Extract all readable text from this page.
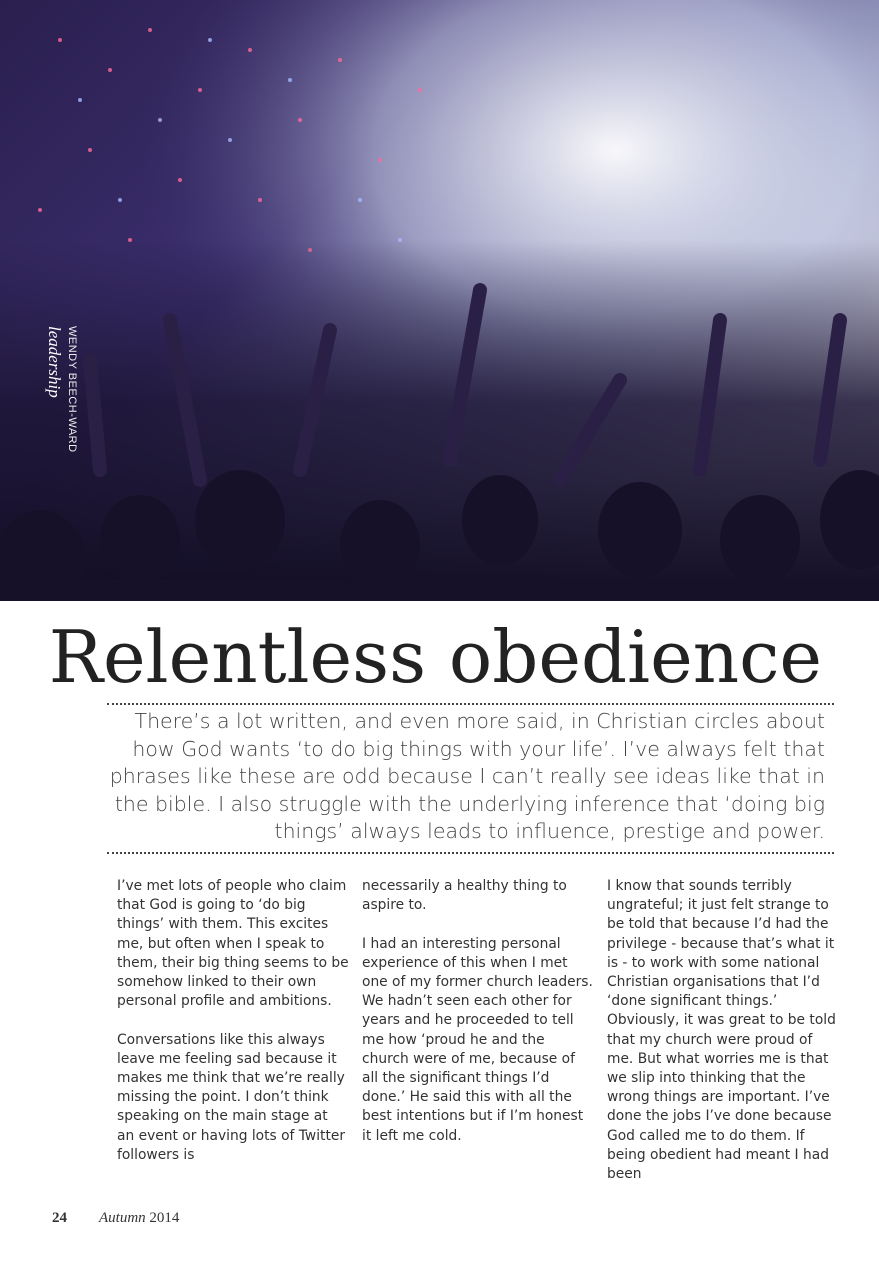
WENDY BEECH-WARD
leadership
Relentless obedience
There’s a lot written, and even more said, in Christian circles about how God wants ‘to do big things with your life’. I’ve always felt that phrases like these are odd because I can’t really see ideas like that in the bible. I also struggle with the underlying inference that ‘doing big things’ always leads to influence, prestige and power.

I’ve met lots of people who claim that God is going to ‘do big things’ with them. This excites me, but often when I speak to them, their big thing seems to be somehow linked to their own personal profile and ambitions.

Conversations like this always leave me feeling sad because it makes me think that we’re really missing the point. I don’t think speaking on the main stage at an event or having lots of Twitter followers is

necessarily a healthy thing to aspire to.

I had an interesting personal experience of this when I met one of my former church leaders. We hadn’t seen each other for years and he proceeded to tell me how ‘proud he and the church were of me, because of all the significant things I’d done.’ He said this with all the best intentions but if I’m honest it left me cold.

I know that sounds terribly ungrateful; it just felt strange to be told that because I’d had the privilege - because that’s what it is - to work with some national Christian organisations that I’d ‘done significant things.’ Obviously, it was great to be told that my church were proud of me. But what worries me is that we slip into thinking that the wrong things are important. I’ve done the jobs I’ve done because God called me to do them. If being obedient had meant I had been

24 Autumn 2014
